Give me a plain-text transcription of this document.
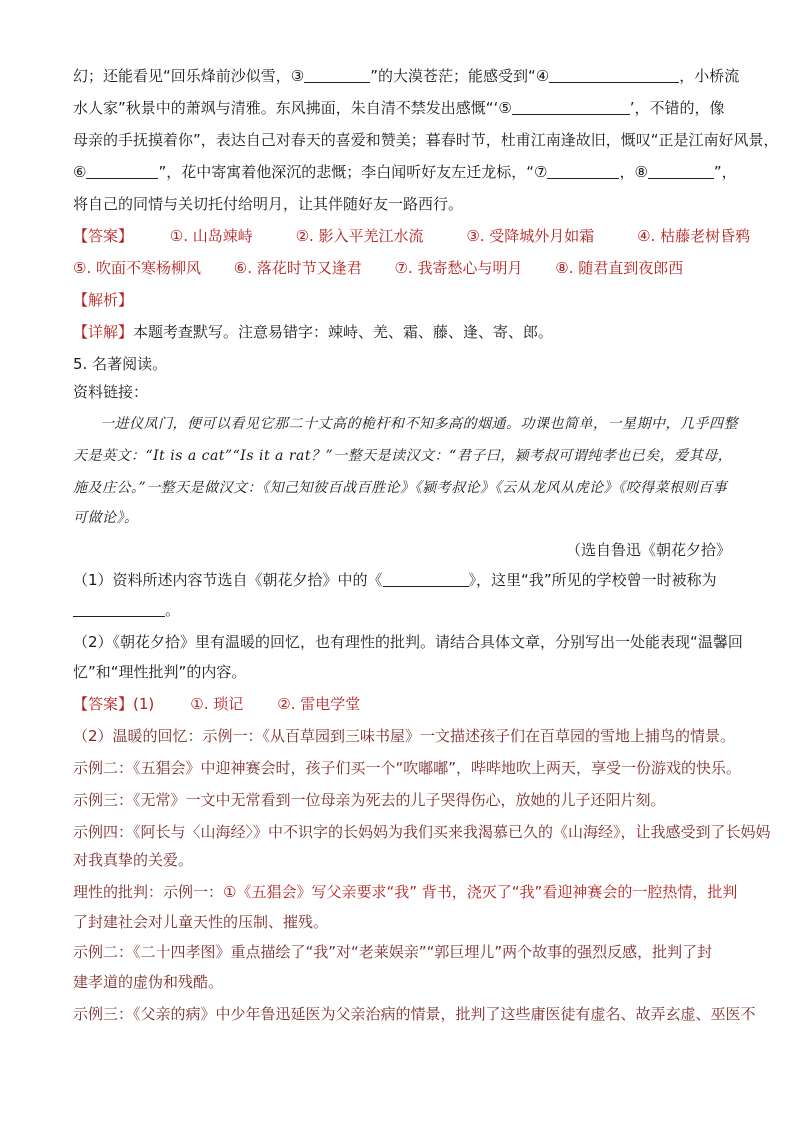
幻；还能看见“回乐烽前沙似雪，③	”的大漠苍茫；能感受到“④	，小桥流
水人家”秋景中的萧飒与清雅。东风拂面，朱自清不禁发出感慨“‘⑤	’，不错的，像
母亲的手抚摸着你”，表达自己对春天的喜爱和赞美；暮春时节，杜甫江南逢故旧，慨叹“正是江南好风景，
⑥	”，花中寄寓着他深沉的悲慨；李白闻听好友左迁龙标，“⑦	，⑧	”，
将自己的同情与关切托付给明月，让其伴随好友一路西行。
【答案】 ①. 山岛竦峙	②. 影入平羌江水流	③. 受降城外月如霜	④. 枯藤老树昏鸦
⑤. 吹面不寒杨柳风 ⑥. 落花时节又逢君 ⑦. 我寄愁心与明月 ⑧. 随君直到夜郎西
【解析】
【详解】本题考查默写。注意易错字：竦峙、羌、霜、藤、逢、寄、郎。
5. 名著阅读。
资料链接：
一进仪凤门，便可以看见它那二十丈高的桅杆和不知多高的烟通。功课也简单，一星期中，几乎四整
天是英文：“It is a cat”“Is it a rat？”一整天是读汉文：“君子曰，颍考叔可谓纯孝也已矣，爱其母，
施及庄公。”一整天是做汉文：《知己知彼百战百胜论》《颍考叔论》《云从龙风从虎论》《咬得菜根则百事
可做论》。
（选自鲁迅《朝花夕拾》
（1）资料所述内容节选自《朝花夕拾》中的《	》，这里“我”所见的学校曾一时被称为
。
（2）《朝花夕拾》里有温暖的回忆，也有理性的批判。请结合具体文章，分别写出一处能表现“温馨回
忆”和“理性批判”的内容。
【答案】(1) ①. 琐记 ②. 雷电学堂
（2）温暖的回忆：示例一：《从百草园到三味书屋》一文描述孩子们在百草园的雪地上捕鸟的情景。
示例二：《五猖会》中迎神赛会时，孩子们买一个“吹嘟嘟”，哔哔地吹上两天，享受一份游戏的快乐。
示例三：《无常》一文中无常看到一位母亲为死去的儿子哭得伤心，放她的儿子还阳片刻。
示例四：《阿长与〈山海经〉》中不识字的长妈妈为我们买来我渴慕已久的《山海经》，让我感受到了长妈妈
对我真挚的关爱。
理性的批判：示例一：①《五猖会》写父亲要求“我” 背书，浇灭了“我”看迎神赛会的一腔热情，批判
了封建社会对儿童天性的压制、摧残。
示例二：《二十四孝图》重点描绘了“我”对“老莱娱亲”“郭巨埋儿”两个故事的强烈反感，批判了封
建孝道的虚伪和残酷。
示例三：《父亲的病》中少年鲁迅延医为父亲治病的情景，批判了这些庸医徒有虚名、故弄玄虚、巫医不
